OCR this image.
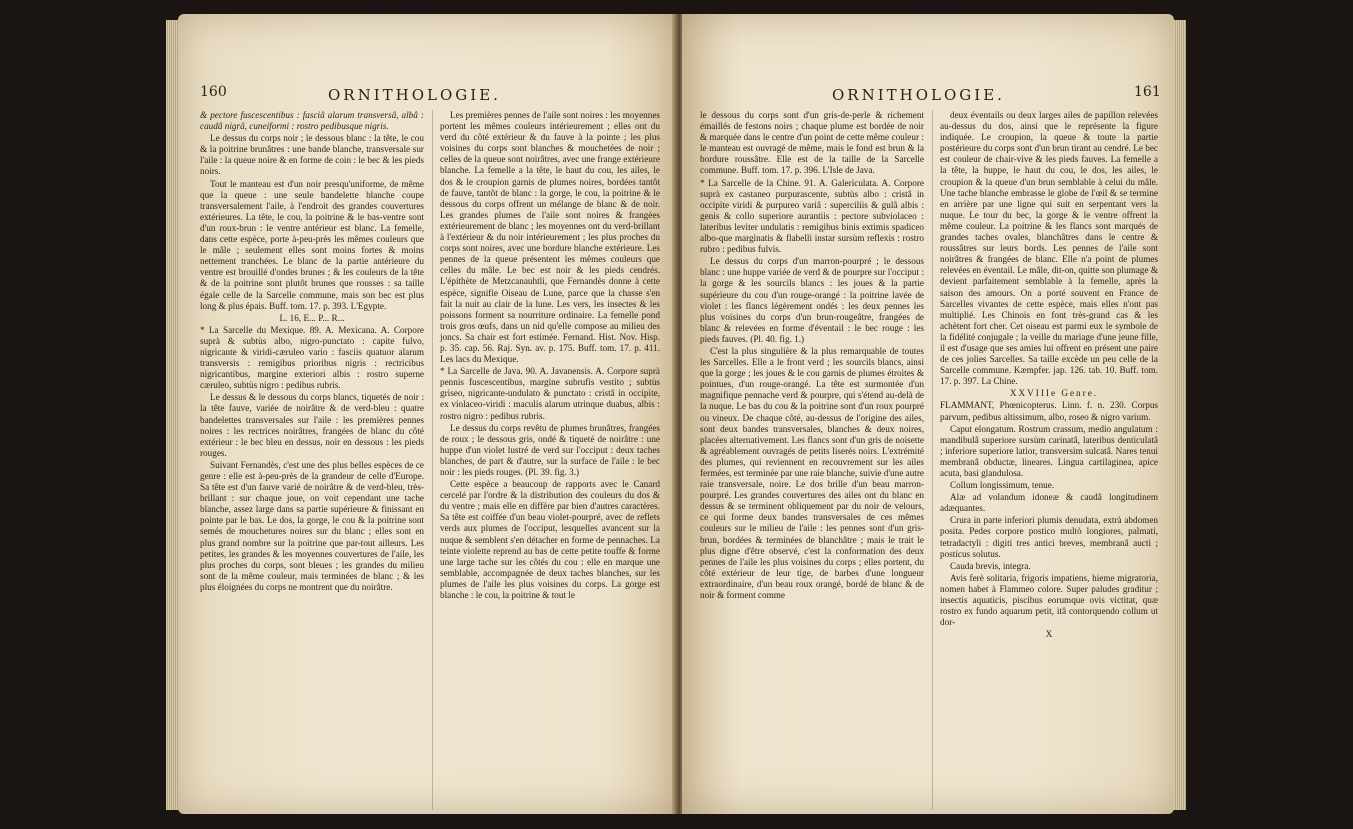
160	ORNITHOLOGIE.

& pectore fuscescentibus : fasciâ alarum transversâ, albâ : caudâ nigrâ, cuneiformi : rostro pedibusque nigris.

Le dessus du corps noir ; le dessous blanc : la tête, le cou & la poitrine brunâtres : une bande blanche, transversale sur l'aile : la queue noire & en forme de coin : le bec & les pieds noirs.

Tout le manteau est d'un noir presqu'uniforme, de même que la queue : une seule bandelette blanche coupe transversalement l'aile, à l'endroit des grandes couvertures extérieures. La tête, le cou, la poitrine & le bas-ventre sont d'un roux-brun : le ventre antérieur est blanc. La femelle, dans cette espèce, porte à-peu-près les mêmes couleurs que le mâle ; seulement elles sont moins fortes & moins nettement tranchées. Le blanc de la partie antérieure du ventre est brouillé d'ondes brunes ; & les couleurs de la tête & de la poitrine sont plutôt brunes que rousses : sa taille égale celle de la Sarcelle commune, mais son bec est plus long & plus épais. Buff. tom. 17. p. 393. L'Egypte.

L. 16, E... P... R...

* La Sarcelle du Mexique. 89. A. Mexicana. A. Corpore suprà & subtùs albo, nigro-punctato : capite fulvo, nigricante & viridi-cæruleo vario : fasciis quatuor alarum transversis : remigibus prioribus nigris : rectricibus nigricantibus, margine exteriori albis : rostro superne cæruleo, subtùs nigro : pedibus rubris.

Le dessus & le dessous du corps blancs, tiquetés de noir : la tête fauve, variée de noirâtre & de verd-bleu : quatre bandelettes transversales sur l'aile : les premières pennes noires : les rectrices noirâtres, frangées de blanc du côté extérieur : le bec bleu en dessus, noir en dessous : les pieds rouges.

Suivant Fernandès, c'est une des plus belles espèces de ce genre : elle est à-peu-près de la grandeur de celle d'Europe. Sa tête est d'un fauve varié de noirâtre & de verd-bleu, très-brillant : sur chaque joue, on voit cependant une tache blanche, assez large dans sa partie supérieure & finissant en pointe par le bas. Le dos, la gorge, le cou & la poitrine sont semés de mouchetures noires sur du blanc ; elles sont en plus grand nombre sur la poitrine que par-tout ailleurs. Les petites, les grandes & les moyennes couvertures de l'aile, les plus proches du corps, sont bleues ; les grandes du milieu sont de la même couleur, mais terminées de blanc ; & les plus éloignées du corps ne montrent que du noirâtre.

Les premières pennes de l'aile sont noires : les moyennes portent les mêmes couleurs intérieurement ; elles ont du verd du côté extérieur & du fauve à la pointe ; les plus voisines du corps sont blanches & mouchetées de noir ; celles de la queue sont noirâtres, avec une frange extérieure blanche. La femelle a la tête, le haut du cou, les ailes, le dos & le croupion garnis de plumes noires, bordées tantôt de fauve, tantôt de blanc : la gorge, le cou, la poitrine & le dessous du corps offrent un mélange de blanc & de noir. Les grandes plumes de l'aile sont noires & frangées extérieurement de blanc ; les moyennes ont du verd-brillant à l'extérieur & du noir intérieurement ; les plus proches du corps sont noires, avec une bordure blanche extérieure. Les pennes de la queue présentent les mêmes couleurs que celles du mâle. Le bec est noir & les pieds cendrés. L'épithète de Metzcanauhtli, que Fernandès donne à cette espèce, signifie Oiseau de Lune, parce que la chasse s'en fait la nuit au clair de la lune. Les vers, les insectes & les poissons forment sa nourriture ordinaire. La femelle pond trois gros œufs, dans un nid qu'elle compose au milieu des joncs. Sa chair est fort estimée. Fernand. Hist. Nov. Hisp. p. 35. cap. 56. Raj. Syn. av. p. 175. Buff. tom. 17. p. 411. Les lacs du Mexique.

* La Sarcelle de Java. 90. A. Javanensis. A. Corpore suprà pennis fuscescentibus, margine subrufis vestito ; subtùs griseo, nigricante-undulato & punctato : cristâ in occipite, ex violaceo-viridi : maculis alarum utrinque duabus, albis : rostro nigro : pedibus rubris.

Le dessus du corps revêtu de plumes brunâtres, frangées de roux ; le dessous gris, ondé & tiqueté de noirâtre : une huppe d'un violet lustré de verd sur l'occiput : deux taches blanches, de part & d'autre, sur la surface de l'aile : le bec noir : les pieds rouges. (Pl. 39. fig. 3.)

Cette espèce a beaucoup de rapports avec le Canard cercelé par l'ordre & la distribution des couleurs du dos & du ventre ; mais elle en diffère par bien d'autres caractères. Sa tête est coiffée d'un beau violet-pourpré, avec de reflets verds aux plumes de l'occiput, lesquelles avancent sur la nuque & semblent s'en détacher en forme de pennaches. La teinte violette reprend au bas de cette petite touffe & forme une large tache sur les côtés du cou : elle en marque une semblable, accompagnée de deux taches blanches, sur les plumes de l'aile les plus voisines du corps. La gorge est blanche : le cou, la poitrine & tout le

ORNITHOLOGIE.	161

le dessous du corps sont d'un gris-de-perle & richement émaillés de festons noirs ; chaque plume est bordée de noir & marquée dans le centre d'un point de cette même couleur : le manteau est ouvragé de même, mais le fond est brun & la bordure roussâtre. Elle est de la taille de la Sarcelle commune. Buff. tom. 17. p. 396. L'Isle de Java.

* La Sarcelle de la Chine. 91. A. Galericulata. A. Corpore suprà ex castaneo purpurascente, subtùs albo : cristâ in occipite viridi & purpureo variâ : superciliis & gulâ albis : genis & collo superiore aurantiis : pectore subviolaceo : lateribus leviter undulatis : remigibus binis extimis spadiceo albo-que marginatis & flabelli instar sursùm reflexis : rostro rubro : pedibus fulvis.

Le dessus du corps d'un marron-pourpré ; le dessous blanc : une huppe variée de verd & de pourpre sur l'occiput : la gorge & les sourcils blancs : les joues & la partie supérieure du cou d'un rouge-orangé : la poitrine lavée de violet : les flancs légèrement ondés : les deux pennes les plus voisines du corps d'un brun-rougeâtre, frangées de blanc & relevées en forme d'éventail : le bec rouge : les pieds fauves. (Pl. 40. fig. 1.)

C'est la plus singulière & la plus remarquable de toutes les Sarcelles. Elle a le front verd ; les sourcils blancs, ainsi que la gorge ; les joues & le cou garnis de plumes étroites & pointues, d'un rouge-orangé. La tête est surmontée d'un magnifique pennache verd & pourpre, qui s'étend au-delà de la nuque. Le bas du cou & la poitrine sont d'un roux pourpré ou vineux. De chaque côté, au-dessus de l'origine des ailes, sont deux bandes transversales, blanches & deux noires, placées alternativement. Les flancs sont d'un gris de noisette & agréablement ouvragés de petits liserés noirs. L'extrémité des plumes, qui reviennent en recouvrement sur les ailes fermées, est terminée par une raie blanche, suivie d'une autre raie transversale, noire. Le dos brille d'un beau marron-pourpré. Les grandes couvertures des ailes ont du blanc en dessus & se terminent obliquement par du noir de velours, ce qui forme deux bandes transversales de ces mêmes couleurs sur le milieu de l'aile : les pennes sont d'un gris-brun, bordées & terminées de blanchâtre ; mais le trait le plus digne d'être observé, c'est la conformation des deux pennes de l'aile les plus voisines du corps ; elles portent, du côté extérieur de leur tige, de barbes d'une longueur extraordinaire, d'un beau roux orangé, bordé de blanc & de noir & forment comme

deux éventails ou deux larges ailes de papillon relevées au-dessus du dos, ainsi que le représente la figure indiquée. Le croupion, la queue & toute la partie postérieure du corps sont d'un brun tirant au cendré. Le bec est couleur de chair-vive & les pieds fauves. La femelle a la tête, la huppe, le haut du cou, le dos, les ailes, le croupion & la queue d'un brun semblable à celui du mâle. Une tache blanche embrasse le globe de l'œil & se termine en arrière par une ligne qui suit en serpentant vers la nuque. Le tour du bec, la gorge & le ventre offrent la même couleur. La poitrine & les flancs sont marqués de grandes taches ovales, blanchâtres dans le centre & roussâtres sur leurs bords. Les pennes de l'aile sont noirâtres & frangées de blanc. Elle n'a point de plumes relevées en éventail. Le mâle, dit-on, quitte son plumage & devient parfaitement semblable à la femelle, après la saison des amours. On a porté souvent en France de Sarcelles vivantes de cette espèce, mais elles n'ont pas multiplié. Les Chinois en font très-grand cas & les achètent fort cher. Cet oiseau est parmi eux le symbole de la fidélité conjugale ; la veille du mariage d'une jeune fille, il est d'usage que ses amies lui offrent en présent une paire de ces jolies Sarcelles. Sa taille excède un peu celle de la Sarcelle commune. Kæmpfer. jap. 126. tab. 10. Buff. tom. 17. p. 397. La Chine.

XXVIIIe Genre.

FLAMMANT, Phœnicopterus. Linn. f. n. 230. Corpus parvum, pedibus altissimum, albo, roseo & nigro varium.

Caput elongatum. Rostrum crassum, medio angulatum : mandibulâ superiore sursùm carinatâ, lateribus denticulatâ ; inferiore superiore latior, transversìm sulcatâ. Nares tenui membranâ obductæ, lineares. Lingua cartilaginea, apice acuta, basi glandulosa.

Collum longissimum, tenue.

Alæ ad volandum idoneæ & caudâ longitudinem adæquantes.

Crura in parte inferiori plumis denudata, extrà abdomen posita. Pedes corpore postico multò longiores, palmati, tetradactyli : digiti tres antici breves, membranâ aucti ; posticus solutus.

Cauda brevis, integra.

Avis ferè solitaria, frigoris impatiens, hieme migratoria, nomen habet à Flammeo colore. Super paludes graditur ; insectis aquaticis, piscibus eorumque ovis victitat, quæ rostro ex fundo aquarum petit, itâ contorquendo collum ut dor-

X
